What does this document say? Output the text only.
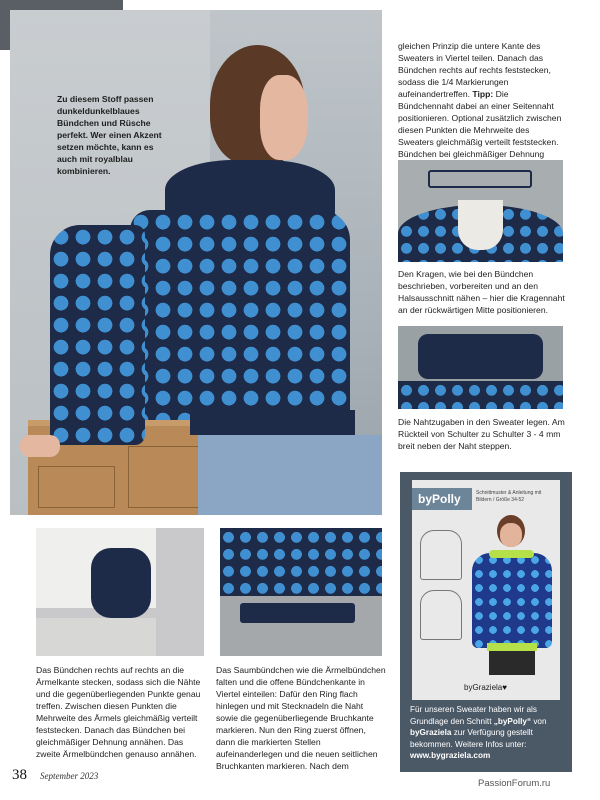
Zu diesem Stoff passen dunkeldunkelblaues Bündchen und Rüsche perfekt. Wer einen Akzent setzen möchte, kann es auch mit royalblau kombinieren.
gleichen Prinzip die untere Kante des Sweaters in Viertel teilen. Danach das Bündchen rechts auf rechts feststecken, sodass die 1/4 Markierungen aufeinandertreffen. Tipp: Die Bündchennaht dabei an einer Seitennaht positionieren. Optional zusätzlich zwischen diesen Punkten die Mehrweite des Sweaters gleichmäßig verteilt feststecken. Bündchen bei gleichmäßiger Dehnung
Den Kragen, wie bei den Bündchen beschrieben, vorbereiten und an den Halsausschnitt nähen – hier die Kragennaht an der rückwärtigen Mitte positionieren.
Die Nahtzugaben in den Sweater legen. Am Rückteil von Schulter zu Schulter 3 - 4 mm breit neben der Naht steppen.
byPolly	Schnittmuster & Anleitung mit Bildern / Größe 34-52
byGraziela♥
Für unseren Sweater haben wir als Grundlage den Schnitt „byPolly“ von byGraziela zur Verfügung gestellt bekommen. Weitere Infos unter:
www.bygraziela.com
Das Bündchen rechts auf rechts an die Ärmelkante stecken, sodass sich die Nähte und die gegenüberliegenden Punkte genau treffen. Zwischen diesen Punkten die Mehrweite des Ärmels gleichmäßig verteilt feststecken. Danach das Bündchen bei gleichmäßiger Dehnung annähen. Das zweite Ärmelbündchen genauso annähen.
Das Saumbündchen wie die Ärmelbündchen falten und die offene Bündchenkante in Viertel einteilen: Dafür den Ring flach hinlegen und mit Stecknadeln die Naht sowie die gegenüberliegende Bruchkante markieren. Nun den Ring zuerst öffnen, dann die markierten Stellen aufeinanderlegen und die neuen seitlichen Bruchkanten markieren. Nach dem
38 September 2023
PassionForum.ru
